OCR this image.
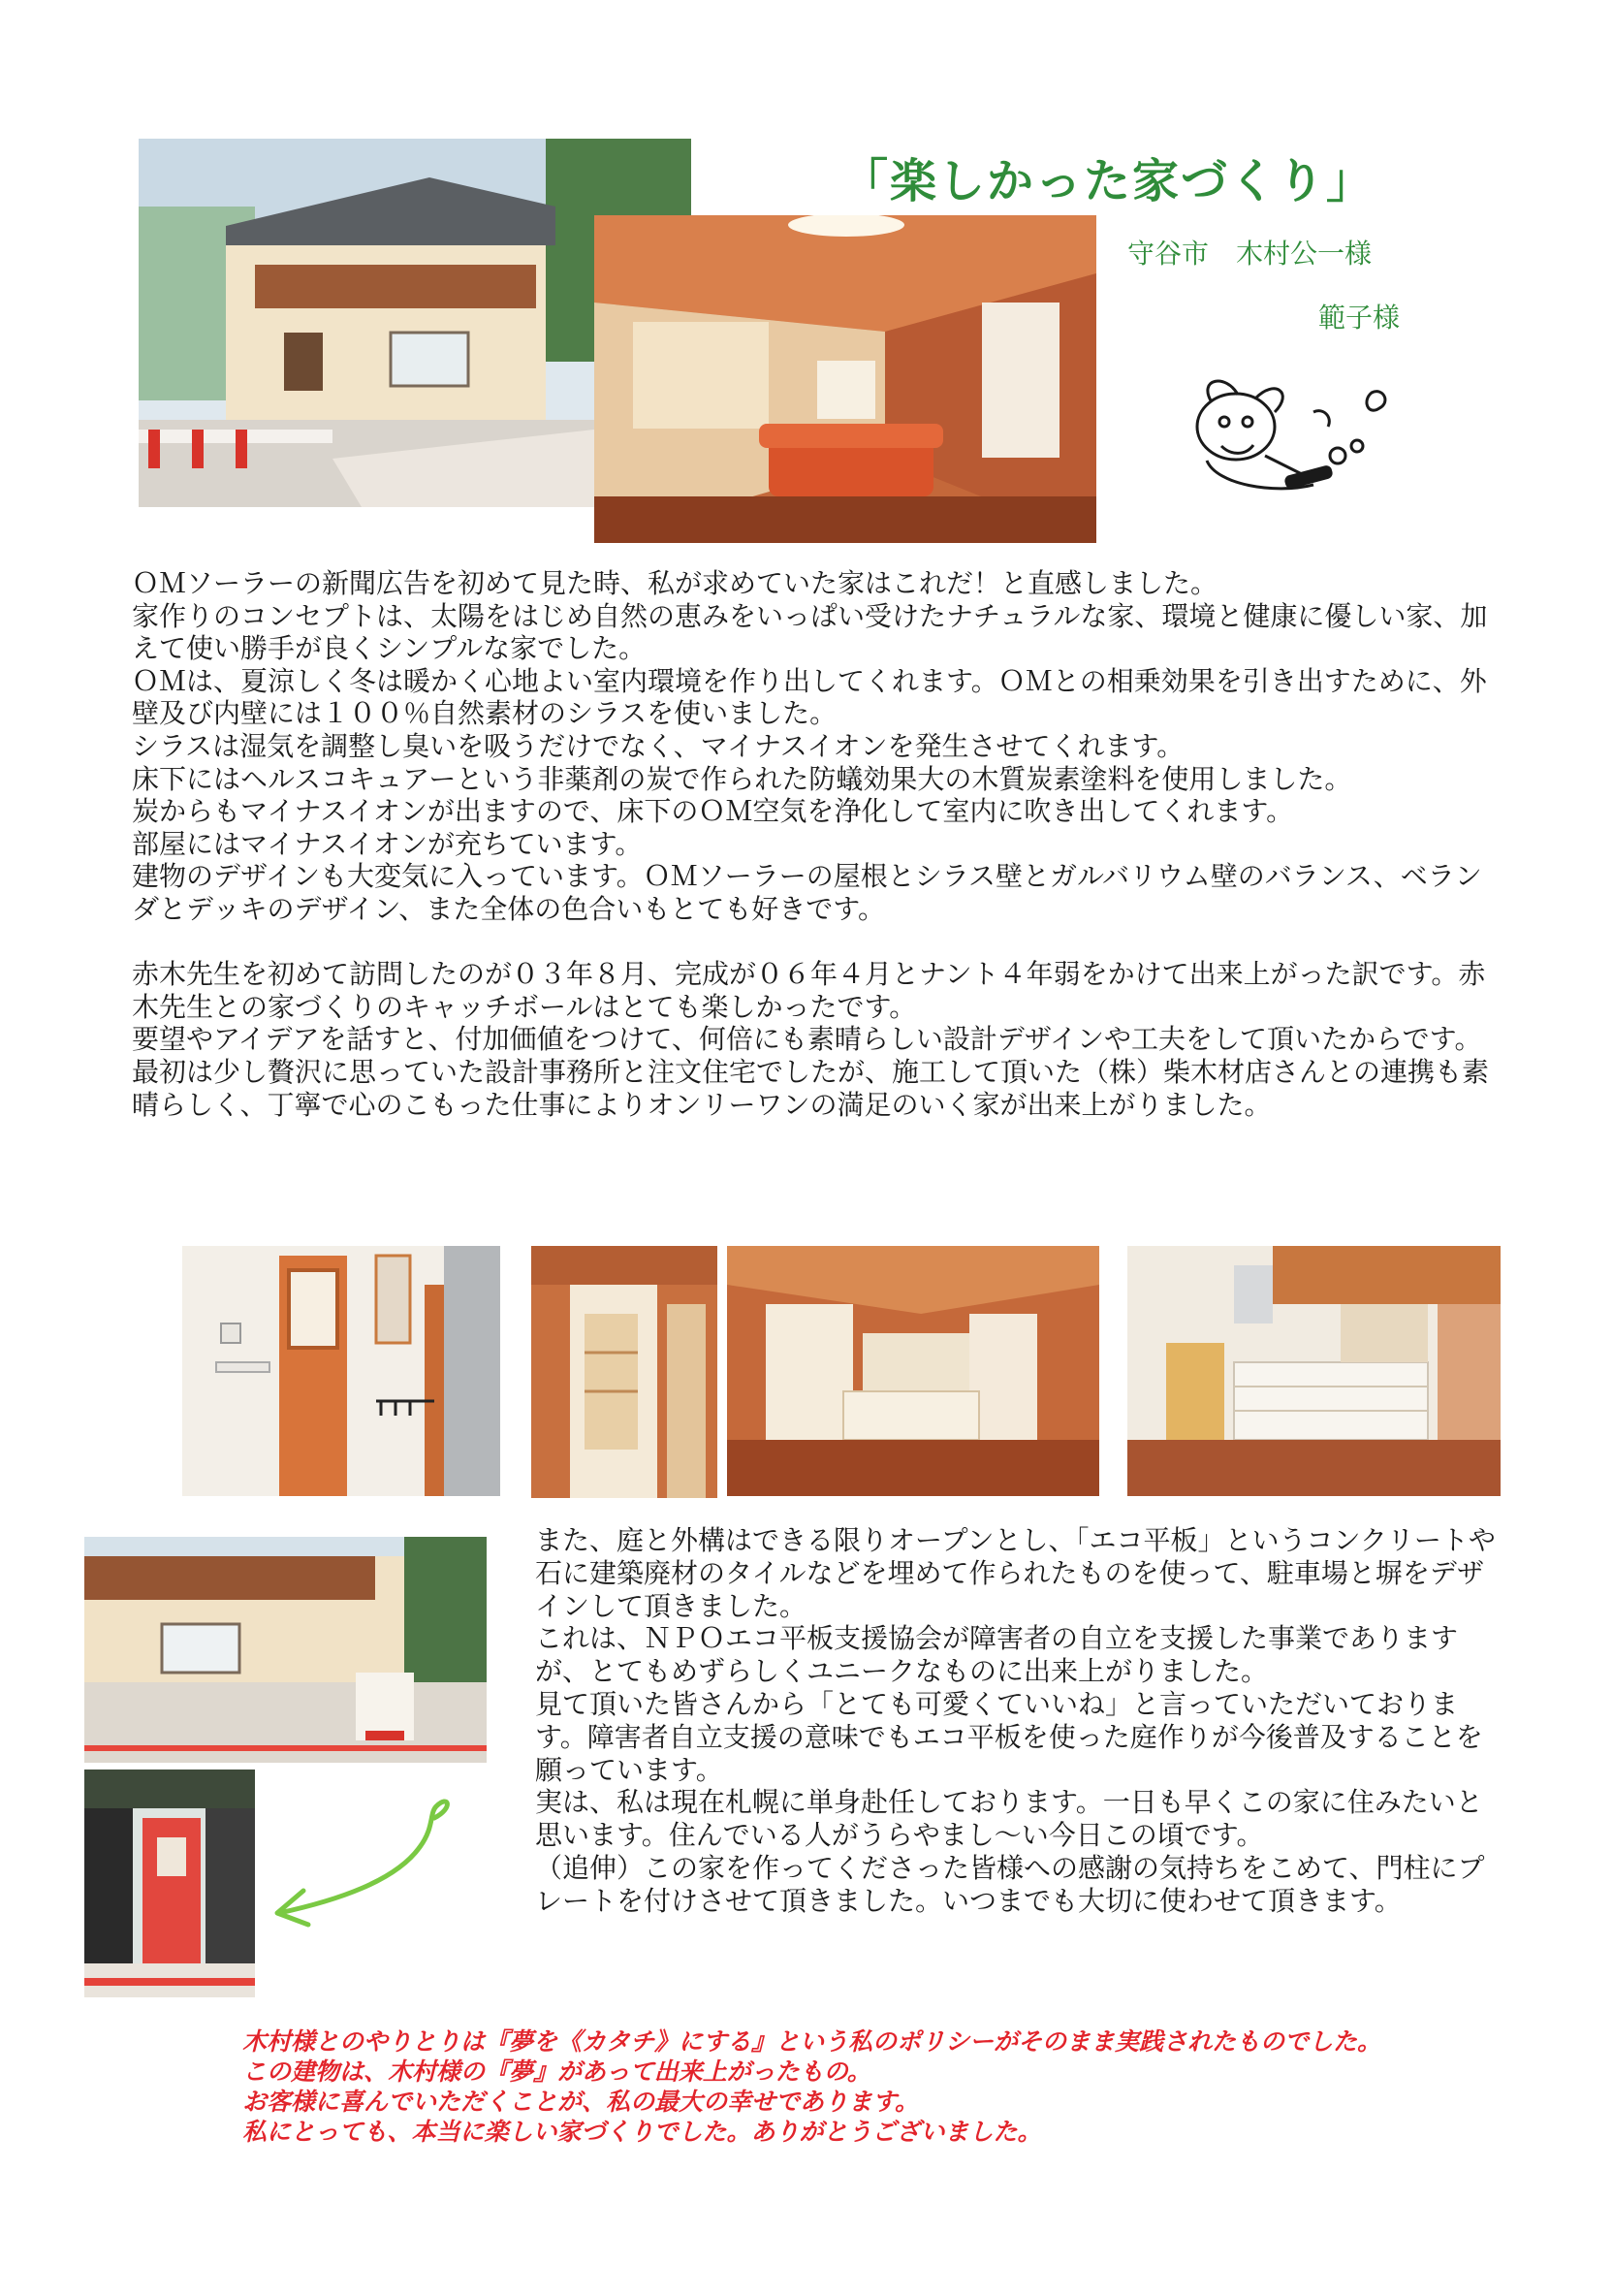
「楽しかった家づくり」
守谷市　木村公一様
範子様
ＯＭソーラーの新聞広告を初めて見た時、私が求めていた家はこれだ！と直感しました。
家作りのコンセプトは、太陽をはじめ自然の恵みをいっぱい受けたナチュラルな家、環境と健康に優しい家、加えて使い勝手が良くシンプルな家でした。
ＯＭは、夏涼しく冬は暖かく心地よい室内環境を作り出してくれます。ＯＭとの相乗効果を引き出すために、外壁及び内壁には１００％自然素材のシラスを使いました。
シラスは湿気を調整し臭いを吸うだけでなく、マイナスイオンを発生させてくれます。
床下にはヘルスコキュアーという非薬剤の炭で作られた防蟻効果大の木質炭素塗料を使用しました。
炭からもマイナスイオンが出ますので、床下のＯＭ空気を浄化して室内に吹き出してくれます。
部屋にはマイナスイオンが充ちています。
建物のデザインも大変気に入っています。ＯＭソーラーの屋根とシラス壁とガルバリウム壁のバランス、ベランダとデッキのデザイン、また全体の色合いもとても好きです。

赤木先生を初めて訪問したのが０３年８月、完成が０６年４月とナント４年弱をかけて出来上がった訳です。赤木先生との家づくりのキャッチボールはとても楽しかったです。
要望やアイデアを話すと、付加価値をつけて、何倍にも素晴らしい設計デザインや工夫をして頂いたからです。
最初は少し贅沢に思っていた設計事務所と注文住宅でしたが、施工して頂いた（株）柴木材店さんとの連携も素晴らしく、丁寧で心のこもった仕事によりオンリーワンの満足のいく家が出来上がりました。
また、庭と外構はできる限りオープンとし、「エコ平板」というコンクリートや石に建築廃材のタイルなどを埋めて作られたものを使って、駐車場と塀をデザインして頂きました。
これは、ＮＰＯエコ平板支援協会が障害者の自立を支援した事業でありますが、とてもめずらしくユニークなものに出来上がりました。
見て頂いた皆さんから「とても可愛くていいね」と言っていただいております。障害者自立支援の意味でもエコ平板を使った庭作りが今後普及することを願っています。
実は、私は現在札幌に単身赴任しております。一日も早くこの家に住みたいと思います。住んでいる人がうらやまし～い今日この頃です。
（追伸）この家を作ってくださった皆様への感謝の気持ちをこめて、門柱にプレートを付けさせて頂きました。いつまでも大切に使わせて頂きます。
木村様とのやりとりは『夢を《カタチ》にする』という私のポリシーがそのまま実践されたものでした。
この建物は、木村様の『夢』があって出来上がったもの。
お客様に喜んでいただくことが、私の最大の幸せであります。
私にとっても、本当に楽しい家づくりでした。ありがとうございました。
